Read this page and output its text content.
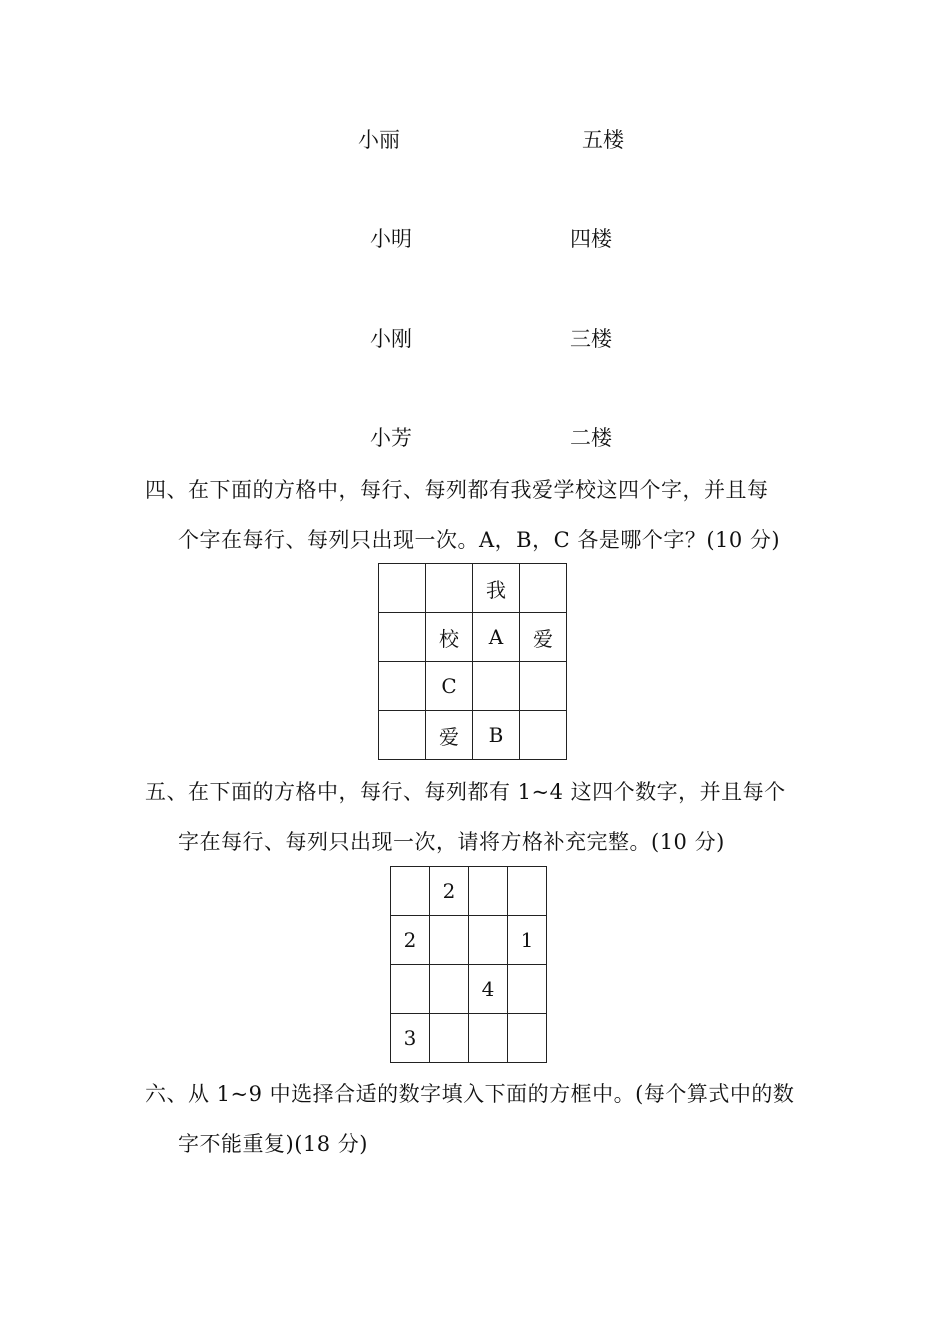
小丽	五楼
小明	四楼
小刚	三楼
小芳	二楼
四、在下面的方格中，每行、每列都有我爱学校这四个字，并且每
个字在每行、每列只出现一次。A，B，C 各是哪个字？(10 分)
		我	
	校	A	爱
	C		
	爱	B	
五、在下面的方格中，每行、每列都有 1~4 这四个数字，并且每个
字在每行、每列只出现一次，请将方格补充完整。(10 分)
	2		
2			1
		4	
3			
六、从 1~9 中选择合适的数字填入下面的方框中。(每个算式中的数
字不能重复)(18 分)
